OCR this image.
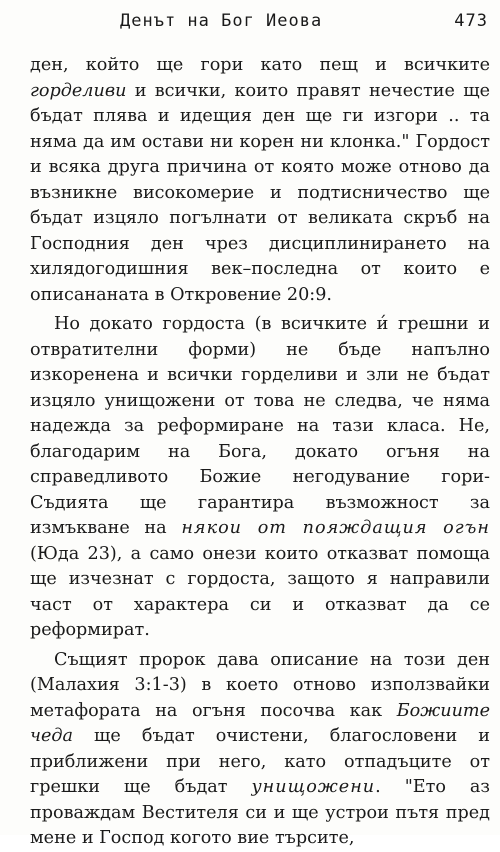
Денът на Бог Иеова	473

ден, който ще гори като пещ и всичките горделиви и всички, които правят нечестие ще бъдат плява и идещия ден ще ги изгори .. та няма да им остави ни корен ни клонка." Гордост и всяка друга причина от която може отново да възникне високомерие и подтисничество ще бъдат изцяло погълнати от великата скръб на Господния ден чрез дисциплинирането на хилядогодишния век–последна от които е описананата в Откровение 20:9.

Но докато гордоста (в всичките и́ грешни и отвратителни форми) не бъде напълно изкоренена и всички горделиви и зли не бъдат изцяло унищожени от това не следва, че няма надежда за реформиране на тази класа. Не, благодарим на Бога, докато огъня на справедливото Божие негодувание гори- Съдията ще гарантира възможност за измъкване на някои от пояждащия огън (Юда 23), а само онези които отказват помоща ще изчезнат с гордоста, защото я направили част от характера си и отказват да се реформират.

Същият пророк дава описание на този ден (Малахия 3:1-3) в което отново използвайки метафората на огъня посочва как Божиите чеда ще бъдат очистени, благословени и приближени при него, като отпадъците от грешки ще бъдат унищожени. "Ето аз проваждам Вестителя си и ще устрои пътя пред мене и Господ когото вие търсите,
